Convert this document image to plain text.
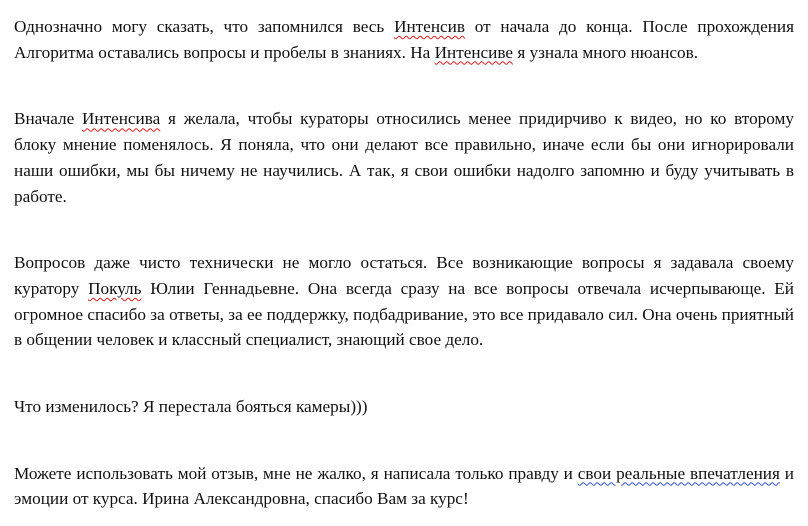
Однозначно могу сказать, что запомнился весь Интенсив от начала до конца. После прохождения Алгоритма оставались вопросы и пробелы в знаниях. На Интенсиве я узнала много нюансов.

Вначале Интенсива я желала, чтобы кураторы относились менее придирчиво к видео, но ко второму блоку мнение поменялось. Я поняла, что они делают все правильно, иначе если бы они игнорировали наши ошибки, мы бы ничему не научились. А так, я свои ошибки надолго запомню и буду учитывать в работе.

Вопросов даже чисто технически не могло остаться. Все возникающие вопросы я задавала своему куратору Покуль Юлии Геннадьевне. Она всегда сразу на все вопросы отвечала исчерпывающе. Ей огромное спасибо за ответы, за ее поддержку, подбадривание, это все придавало сил. Она очень приятный в общении человек и классный специалист, знающий свое дело.

Что изменилось? Я перестала бояться камеры)))

Можете использовать мой отзыв, мне не жалко, я написала только правду и свои реальные впечатления и эмоции от курса. Ирина Александровна, спасибо Вам за курс!
